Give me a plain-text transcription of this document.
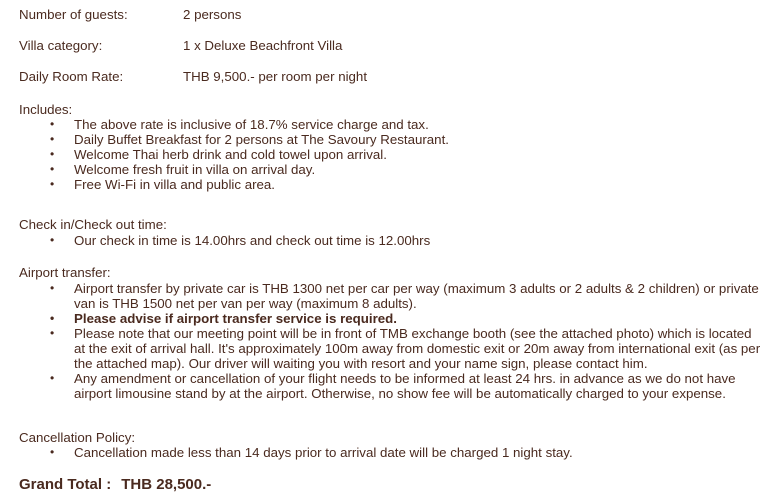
Number of guests:	2 persons
Villa category:	1 x Deluxe Beachfront Villa
Daily Room Rate:	THB 9,500.- per room per night
Includes:
• The above rate is inclusive of 18.7% service charge and tax.
• Daily Buffet Breakfast for 2 persons at The Savoury Restaurant.
• Welcome Thai herb drink and cold towel upon arrival.
• Welcome fresh fruit in villa on arrival day.
• Free Wi-Fi in villa and public area.
Check in/Check out time:
• Our check in time is 14.00hrs and check out time is 12.00hrs
Airport transfer:
• Airport transfer by private car is THB 1300 net per car per way (maximum 3 adults or 2 adults & 2 children) or private van is THB 1500 net per van per way (maximum 8 adults).
• Please advise if airport transfer service is required.
• Please note that our meeting point will be in front of TMB exchange booth (see the attached photo) which is located at the exit of arrival hall. It's approximately 100m away from domestic exit or 20m away from international exit (as per the attached map). Our driver will waiting you with resort and your name sign, please contact him.
• Any amendment or cancellation of your flight needs to be informed at least 24 hrs. in advance as we do not have airport limousine stand by at the airport. Otherwise, no show fee will be automatically charged to your expense.
Cancellation Policy:
• Cancellation made less than 14 days prior to arrival date will be charged 1 night stay.
Grand Total : THB 28,500.-
